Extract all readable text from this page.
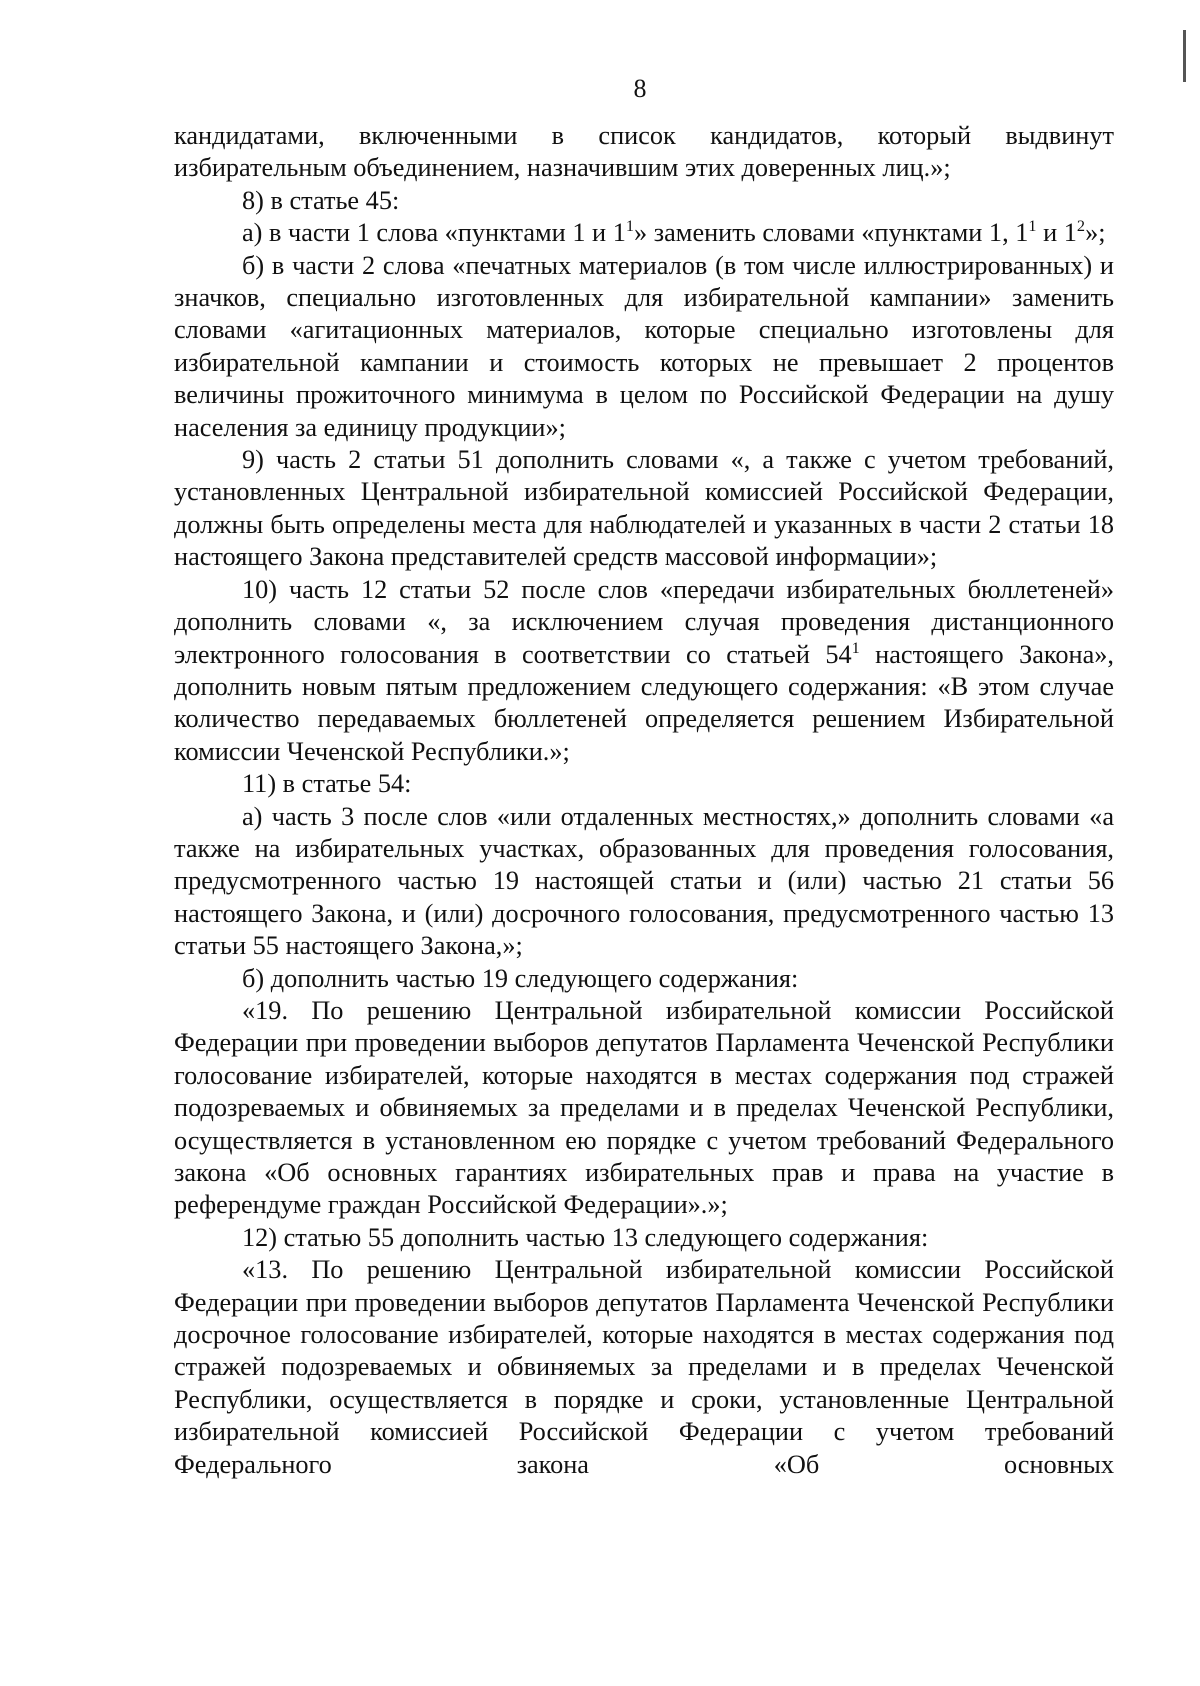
8

кандидатами, включенными в список кандидатов, который выдвинут избирательным объединением, назначившим этих доверенных лиц.»;

8) в статье 45:

а) в части 1 слова «пунктами 1 и $1^1$» заменить словами «пунктами 1, $1^1$ и $1^2$»;

б) в части 2 слова «печатных материалов (в том числе иллюстрированных) и значков, специально изготовленных для избирательной кампании» заменить словами «агитационных материалов, которые специально изготовлены для избирательной кампании и стоимость которых не превышает 2 процентов величины прожиточного минимума в целом по Российской Федерации на душу населения за единицу продукции»;

9) часть 2 статьи 51 дополнить словами «, а также с учетом требований, установленных Центральной избирательной комиссией Российской Федерации, должны быть определены места для наблюдателей и указанных в части 2 статьи 18 настоящего Закона представителей средств массовой информации»;

10) часть 12 статьи 52 после слов «передачи избирательных бюллетеней» дополнить словами «, за исключением случая проведения дистанционного электронного голосования в соответствии со статьей $54^1$ настоящего Закона», дополнить новым пятым предложением следующего содержания: «В этом случае количество передаваемых бюллетеней определяется решением Избирательной комиссии Чеченской Республики.»;

11) в статье 54:

а) часть 3 после слов «или отдаленных местностях,» дополнить словами «а также на избирательных участках, образованных для проведения голосования, предусмотренного частью 19 настоящей статьи и (или) частью 21 статьи 56 настоящего Закона, и (или) досрочного голосования, предусмотренного частью 13 статьи 55 настоящего Закона,»;

б) дополнить частью 19 следующего содержания:

«19. По решению Центральной избирательной комиссии Российской Федерации при проведении выборов депутатов Парламента Чеченской Республики голосование избирателей, которые находятся в местах содержания под стражей подозреваемых и обвиняемых за пределами и в пределах Чеченской Республики, осуществляется в установленном ею порядке с учетом требований Федерального закона «Об основных гарантиях избирательных прав и права на участие в референдуме граждан Российской Федерации».»;

12) статью 55 дополнить частью 13 следующего содержания:

«13. По решению Центральной избирательной комиссии Российской Федерации при проведении выборов депутатов Парламента Чеченской Республики досрочное голосование избирателей, которые находятся в местах содержания под стражей подозреваемых и обвиняемых за пределами и в пределах Чеченской Республики, осуществляется в порядке и сроки, установленные Центральной избирательной комиссией Российской Федерации с учетом требований Федерального закона «Об основных
